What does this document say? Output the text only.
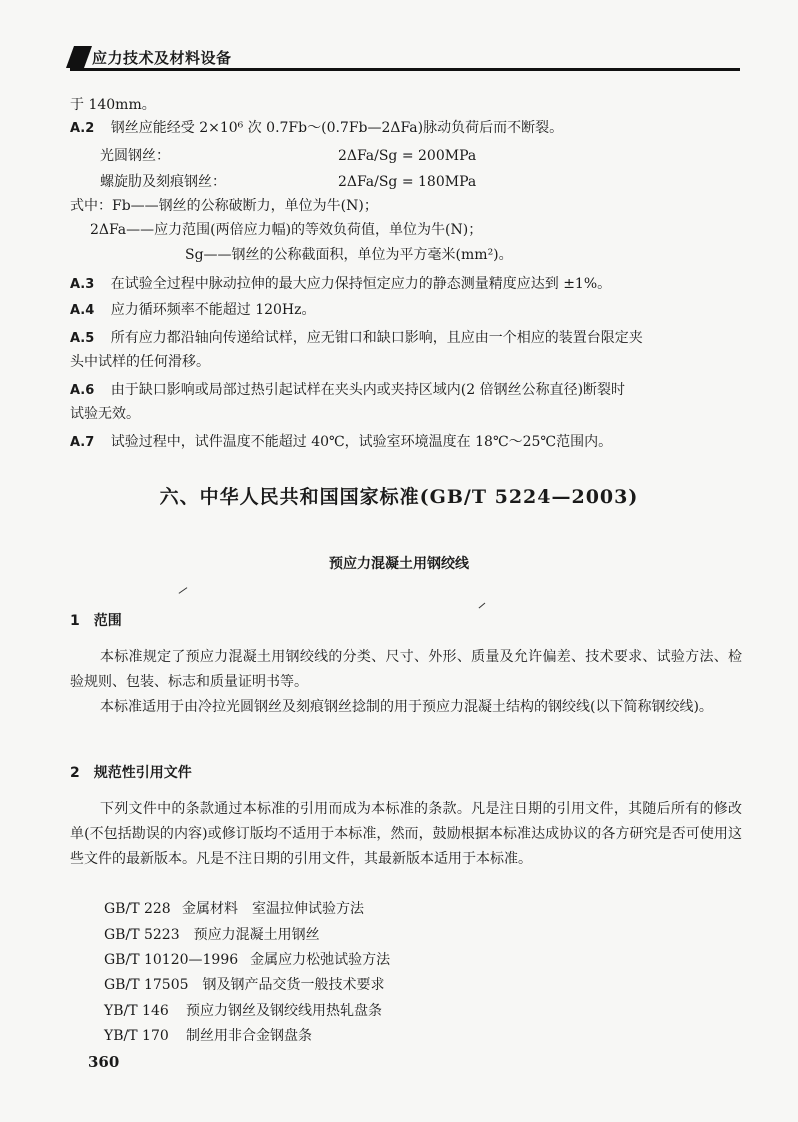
应力技术及材料设备
于 140mm。
A.2 钢丝应能经受 2×10⁶ 次 0.7Fb～(0.7Fb—2ΔFa)脉动负荷后而不断裂。
光圆钢丝：	2ΔFa/Sg = 200MPa
螺旋肋及刻痕钢丝：	2ΔFa/Sg = 180MPa
式中：Fb——钢丝的公称破断力，单位为牛(N)；
2ΔFa——应力范围(两倍应力幅)的等效负荷值，单位为牛(N)；
Sg——钢丝的公称截面积，单位为平方毫米(mm²)。
A.3 在试验全过程中脉动拉伸的最大应力保持恒定应力的静态测量精度应达到 ±1%。
A.4 应力循环频率不能超过 120Hz。
A.5 所有应力都沿轴向传递给试样，应无钳口和缺口影响，且应由一个相应的装置台限定夹
头中试样的任何滑移。
A.6 由于缺口影响或局部过热引起试样在夹头内或夹持区域内(2 倍钢丝公称直径)断裂时
试验无效。
A.7 试验过程中，试件温度不能超过 40℃，试验室环境温度在 18℃～25℃范围内。
六、中华人民共和国国家标准(GB/T 5224—2003)
预应力混凝土用钢绞线
1　范围
本标准规定了预应力混凝土用钢绞线的分类、尺寸、外形、质量及允许偏差、技术要求、试验方法、检验规则、包装、标志和质量证明书等。
本标准适用于由冷拉光圆钢丝及刻痕钢丝捻制的用于预应力混凝土结构的钢绞线(以下简称钢绞线)。
2　规范性引用文件
下列文件中的条款通过本标准的引用而成为本标准的条款。凡是注日期的引用文件，其随后所有的修改单(不包括勘误的内容)或修订版均不适用于本标准，然而，鼓励根据本标准达成协议的各方研究是否可使用这些文件的最新版本。凡是不注日期的引用文件，其最新版本适用于本标准。
GB/T 228 金属材料　室温拉伸试验方法
GB/T 5223 预应力混凝土用钢丝
GB/T 10120—1996 金属应力松弛试验方法
GB/T 17505 钢及钢产品交货一般技术要求
YB/T 146 预应力钢丝及钢绞线用热轧盘条
YB/T 170 制丝用非合金钢盘条
360
